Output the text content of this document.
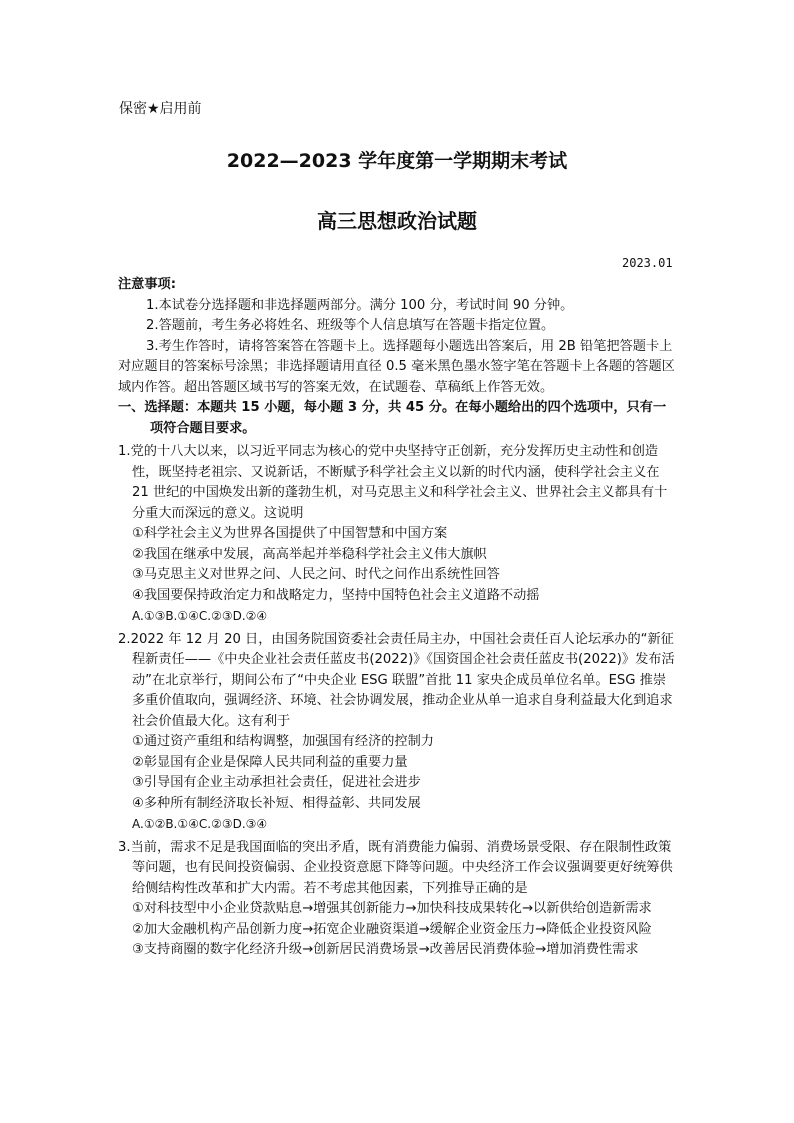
保密★启用前
2022—2023 学年度第一学期期末考试
高三思想政治试题
2023.01

注意事项:

1.本试卷分选择题和非选择题两部分。满分 100 分，考试时间 90 分钟。

2.答题前，考生务必将姓名、班级等个人信息填写在答题卡指定位置。

3.考生作答时，请将答案答在答题卡上。选择题每小题选出答案后，用 2B 铅笔把答题卡上对应题目的答案标号涂黑；非选择题请用直径 0.5 毫米黑色墨水签字笔在答题卡上各题的答题区域内作答。超出答题区域书写的答案无效，在试题卷、草稿纸上作答无效。

一、选择题：本题共 15 小题，每小题 3 分，共 45 分。在每小题给出的四个选项中，只有一项符合题目要求。

1.党的十八大以来，以习近平同志为核心的党中央坚持守正创新，充分发挥历史主动性和创造性，既坚持老祖宗、又说新话，不断赋予科学社会主义以新的时代内涵，使科学社会主义在 21 世纪的中国焕发出新的蓬勃生机，对马克思主义和科学社会主义、世界社会主义都具有十分重大而深远的意义。这说明

①科学社会主义为世界各国提供了中国智慧和中国方案

②我国在继承中发展，高高举起并举稳科学社会主义伟大旗帜

③马克思主义对世界之问、人民之问、时代之问作出系统性回答

④我国要保持政治定力和战略定力，坚持中国特色社会主义道路不动摇

A.①③B.①④C.②③D.②④

2.2022 年 12 月 20 日，由国务院国资委社会责任局主办，中国社会责任百人论坛承办的“新征程新责任——《中央企业社会责任蓝皮书(2022)》《国资国企社会责任蓝皮书(2022)》发布活动”在北京举行，期间公布了“中央企业 ESG 联盟”首批 11 家央企成员单位名单。ESG 推崇多重价值取向，强调经济、环境、社会协调发展，推动企业从单一追求自身利益最大化到追求社会价值最大化。这有利于

①通过资产重组和结构调整，加强国有经济的控制力

②彰显国有企业是保障人民共同利益的重要力量

③引导国有企业主动承担社会责任，促进社会进步

④多种所有制经济取长补短、相得益彰、共同发展

A.①②B.①④C.②③D.③④

3.当前，需求不足是我国面临的突出矛盾，既有消费能力偏弱、消费场景受限、存在限制性政策等问题，也有民间投资偏弱、企业投资意愿下降等问题。中央经济工作会议强调要更好统筹供给侧结构性改革和扩大内需。若不考虑其他因素，下列推导正确的是

①对科技型中小企业贷款贴息→增强其创新能力→加快科技成果转化→以新供给创造新需求

②加大金融机构产品创新力度→拓宽企业融资渠道→缓解企业资金压力→降低企业投资风险

③支持商圈的数字化经济升级→创新居民消费场景→改善居民消费体验→增加消费性需求
